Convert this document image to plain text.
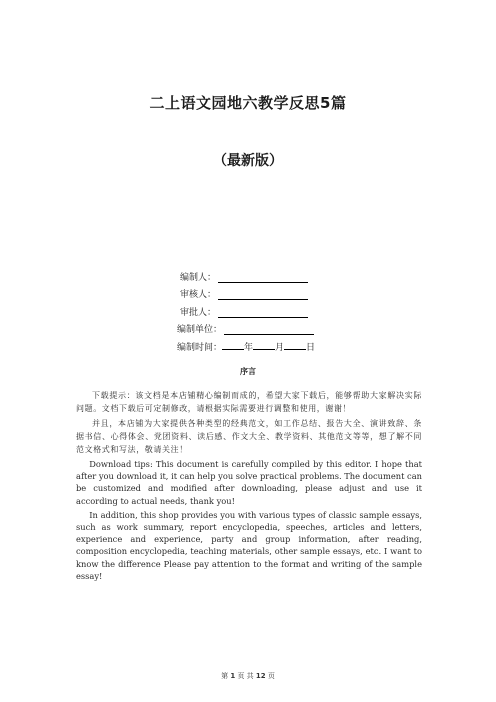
二上语文园地六教学反思5篇
（最新版）
编制人：
审核人：
审批人：
编制单位：
编制时间：	年 月 日
序言

下载提示：该文档是本店铺精心编制而成的，希望大家下载后，能够帮助大家解决实际问题。文档下载后可定制修改，请根据实际需要进行调整和使用，谢谢！

并且，本店铺为大家提供各种类型的经典范文，如工作总结、报告大全、演讲致辞、条据书信、心得体会、党团资料、读后感、作文大全、教学资料、其他范文等等，想了解不同范文格式和写法，敬请关注！

Download tips: This document is carefully compiled by this editor. I hope that after you download it, it can help you solve practical problems. The document can be customized and modified after downloading, please adjust and use it according to actual needs, thank you!

In addition, this shop provides you with various types of classic sample essays, such as work summary, report encyclopedia, speeches, articles and letters, experience and experience, party and group information, after reading, composition encyclopedia, teaching materials, other sample essays, etc. I want to know the difference Please pay attention to the format and writing of the sample essay!

第 1 页 共 12 页
